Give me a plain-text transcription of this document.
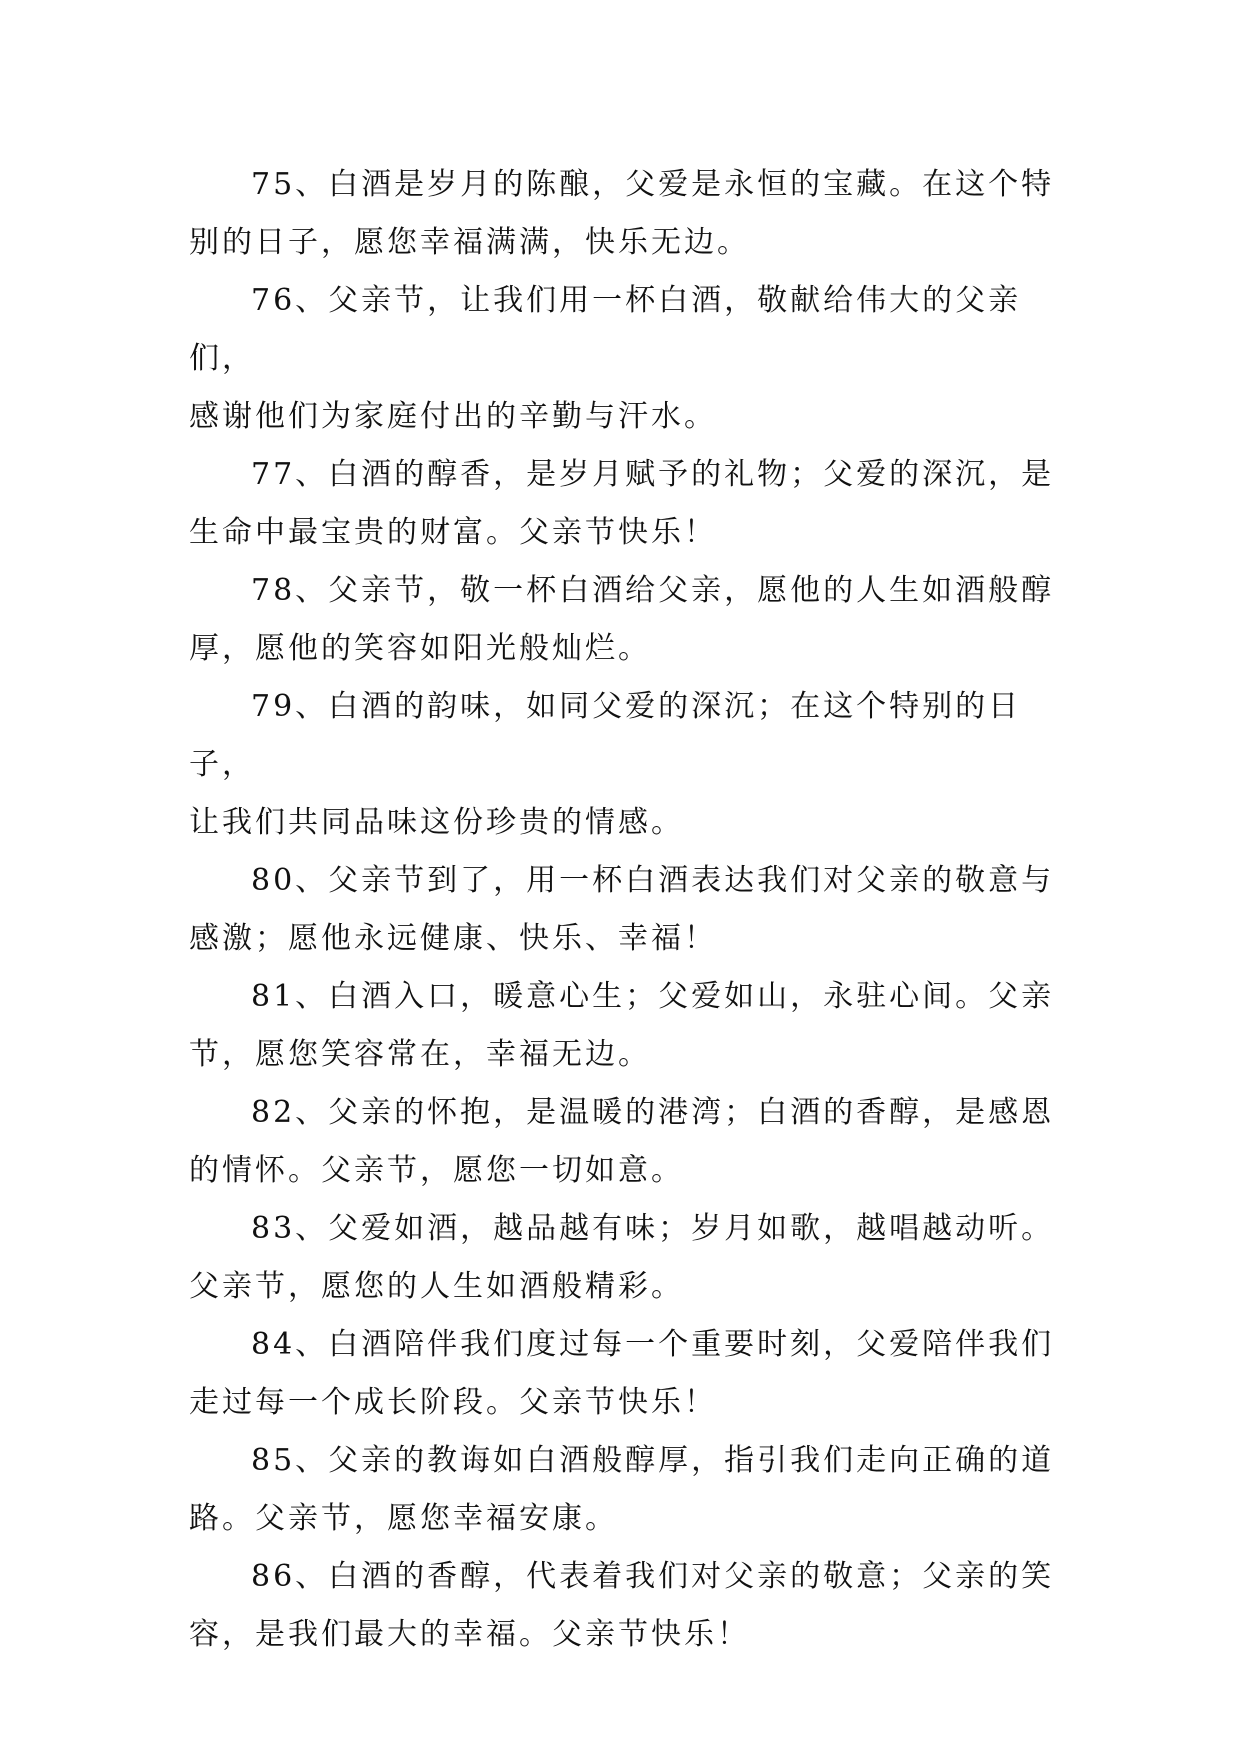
75、白酒是岁月的陈酿，父爱是永恒的宝藏。在这个特
别的日子，愿您幸福满满，快乐无边。

76、父亲节，让我们用一杯白酒，敬献给伟大的父亲们，
感谢他们为家庭付出的辛勤与汗水。

77、白酒的醇香，是岁月赋予的礼物；父爱的深沉，是
生命中最宝贵的财富。父亲节快乐！

78、父亲节，敬一杯白酒给父亲，愿他的人生如酒般醇
厚，愿他的笑容如阳光般灿烂。

79、白酒的韵味，如同父爱的深沉；在这个特别的日子，
让我们共同品味这份珍贵的情感。

80、父亲节到了，用一杯白酒表达我们对父亲的敬意与
感激；愿他永远健康、快乐、幸福！

81、白酒入口，暖意心生；父爱如山，永驻心间。父亲
节，愿您笑容常在，幸福无边。

82、父亲的怀抱，是温暖的港湾；白酒的香醇，是感恩
的情怀。父亲节，愿您一切如意。

83、父爱如酒，越品越有味；岁月如歌，越唱越动听。
父亲节，愿您的人生如酒般精彩。

84、白酒陪伴我们度过每一个重要时刻，父爱陪伴我们
走过每一个成长阶段。父亲节快乐！

85、父亲的教诲如白酒般醇厚，指引我们走向正确的道
路。父亲节，愿您幸福安康。

86、白酒的香醇，代表着我们对父亲的敬意；父亲的笑
容，是我们最大的幸福。父亲节快乐！
